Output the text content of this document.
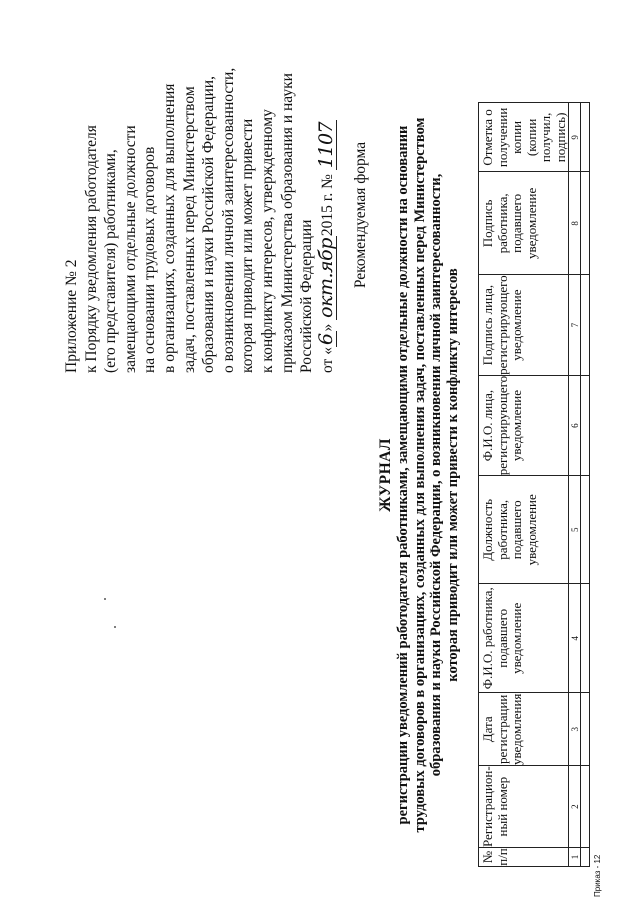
Приложение № 2 к Порядку уведомления работодателя (его представителя) работниками, замещающими отдельные должности на основании трудовых договоров в организациях, созданных для выполнения задач, поставленных перед Министерством образования и науки Российской Федерации, о возникновении личной заинтересованности, которая приводит или может привести к конфликту интересов, утвержденному приказом Министерства образования и науки Российской Федерации от «6» окт.ябр2015 г. № 1107 Рекомендуемая форма
ЖУРНАЛ регистрации уведомлений работодателя работниками, замещающими отдельные должности на основании трудовых договоров в организациях, созданных для выполнения задач, поставленных перед Министерством образования и науки Российской Федерации, о возникновении личной заинтересованности, которая приводит или может привести к конфликту интересов
№ п/п	Регистрацион-ный номер	Дата регистрации уведомления	Ф.И.О. работника, подавшего уведомление	Должность работника, подавшего уведомление	Ф.И.О. лица, регистрирующего уведомление	Подпись лица, регистрирующего уведомление	Подпись работника, подавшего уведомление	Отметка о получении копии (копии получил, подпись)
1	2	3	4	5	6	7	8	9

Приказ - 12
